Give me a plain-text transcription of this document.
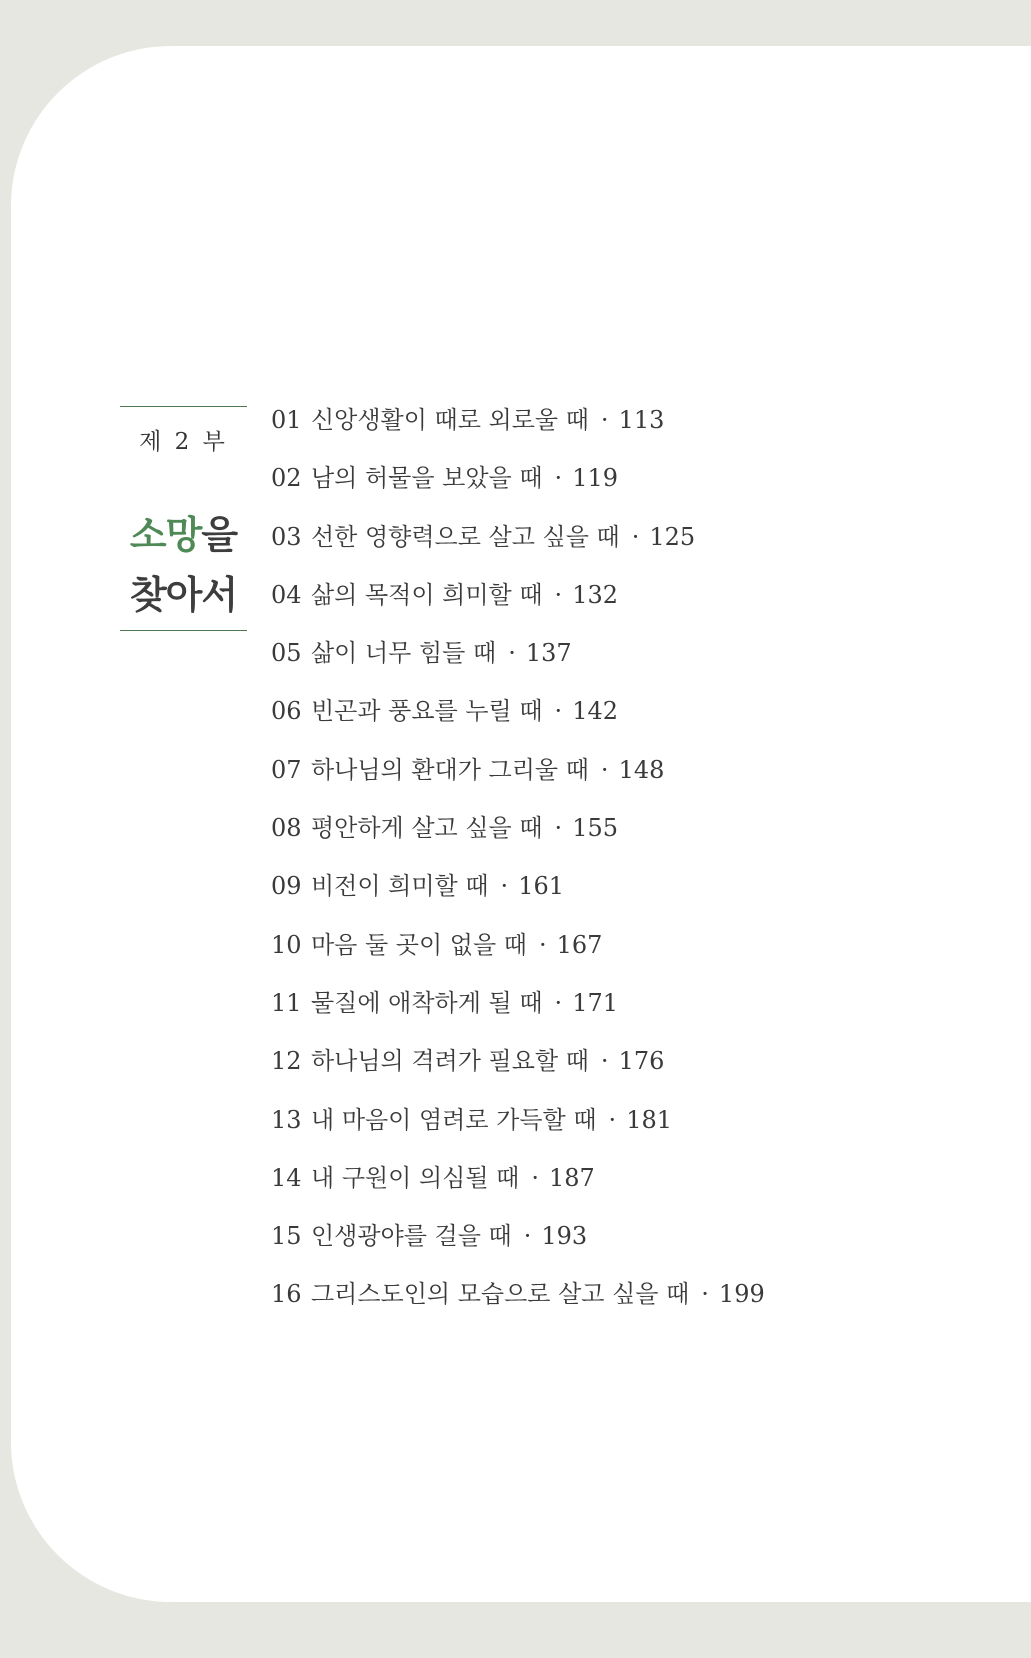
제 2 부
소망을
찾아서
01 신앙생활이 때로 외로울 때 · 113
02 남의 허물을 보았을 때 · 119
03 선한 영향력으로 살고 싶을 때 · 125
04 삶의 목적이 희미할 때 · 132
05 삶이 너무 힘들 때 · 137
06 빈곤과 풍요를 누릴 때 · 142
07 하나님의 환대가 그리울 때 · 148
08 평안하게 살고 싶을 때 · 155
09 비전이 희미할 때 · 161
10 마음 둘 곳이 없을 때 · 167
11 물질에 애착하게 될 때 · 171
12 하나님의 격려가 필요할 때 · 176
13 내 마음이 염려로 가득할 때 · 181
14 내 구원이 의심될 때 · 187
15 인생광야를 걸을 때 · 193
16 그리스도인의 모습으로 살고 싶을 때 · 199
